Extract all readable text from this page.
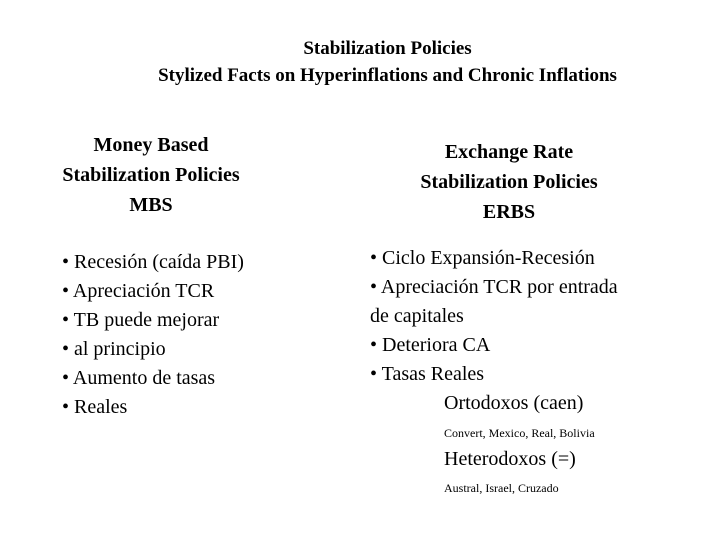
Stabilization Policies
Stylized Facts on Hyperinflations and Chronic Inflations
Money Based
Stabilization Policies
MBS
Exchange Rate
Stabilization Policies
ERBS
• Recesión (caída PBI)
• Apreciación TCR
• TB puede mejorar
• al principio
• Aumento de tasas
• Reales
• Ciclo Expansión-Recesión
• Apreciación TCR por entrada
de capitales
• Deteriora CA
• Tasas Reales
Ortodoxos (caen)
Convert, Mexico, Real, Bolivia
Heterodoxos (=)
Austral, Israel, Cruzado
